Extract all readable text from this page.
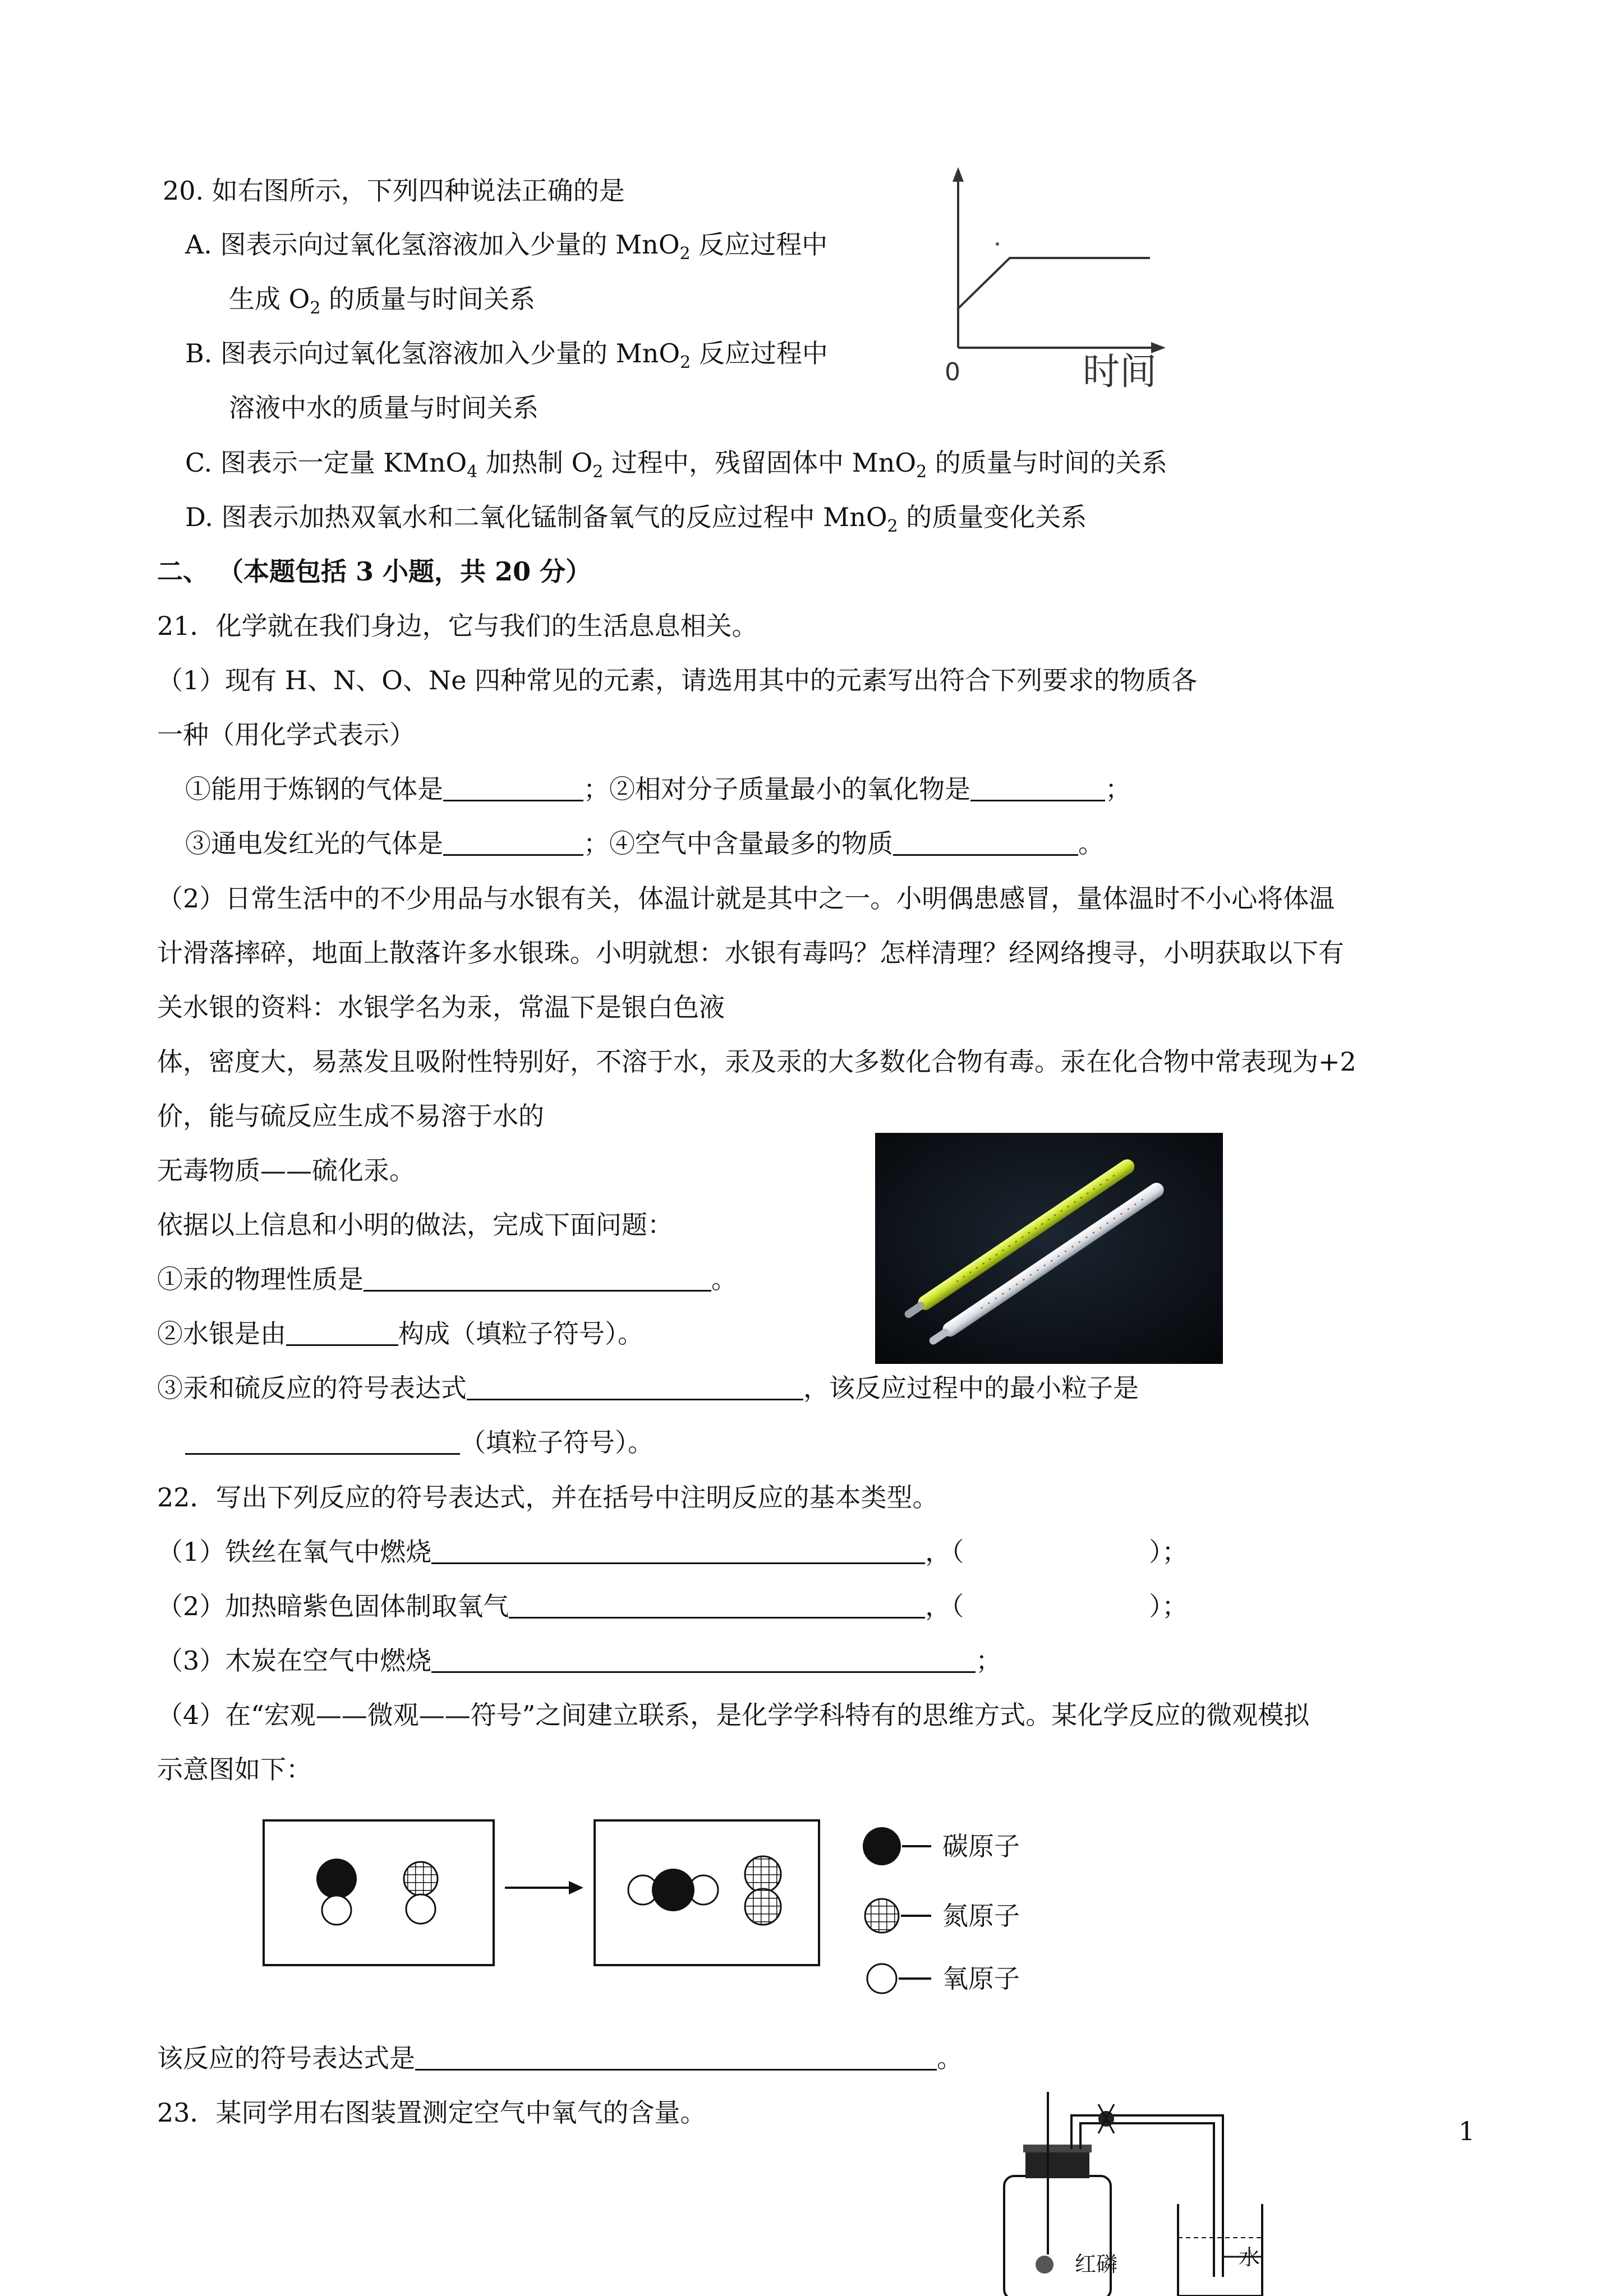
20. 如右图所示，下列四种说法正确的是
A. 图表示向过氧化氢溶液加入少量的 MnO$_2$ 反应过程中
生成 $O_2$ 的质量与时间关系
B. 图表示向过氧化氢溶液加入少量的 MnO$_2$ 反应过程中
溶液中水的质量与时间关系
C. 图表示一定量 KMnO$_4$ 加热制 $O_2$ 过程中，残留固体中 MnO$_2$ 的质量与时间的关系
D. 图表示加热双氧水和二氧化锰制备氧气的反应过程中 MnO$_2$ 的质量变化关系
0	时间
二、 （本题包括 3 小题，共 20 分）
21．化学就在我们身边，它与我们的生活息息相关。
（1）现有 H、N、O、Ne 四种常见的元素，请选用其中的元素写出符合下列要求的物质各
一种（用化学式表示）
①能用于炼钢的气体是	；②相对分子质量最小的氧化物是	；
③通电发红光的气体是	；④空气中含量最多的物质	。
（2）日常生活中的不少用品与水银有关，体温计就是其中之一。小明偶患感冒，量体温时不小心将体温
计滑落摔碎，地面上散落许多水银珠。小明就想：水银有毒吗？怎样清理？经网络搜寻，小明获取以下有
关水银的资料：水银学名为汞，常温下是银白色液
体，密度大，易蒸发且吸附性特别好，不溶于水，汞及汞的大多数化合物有毒。汞在化合物中常表现为+2
价，能与硫反应生成不易溶于水的
无毒物质——硫化汞。
依据以上信息和小明的做法，完成下面问题：
①汞的物理性质是	。
②水银是由	构成（填粒子符号）。
③汞和硫反应的符号表达式	，该反应过程中的最小粒子是
（填粒子符号）。
22．写出下列反应的符号表达式，并在括号中注明反应的基本类型。
（1）铁丝在氧气中燃烧	，（	）；
（2）加热暗紫色固体制取氧气	，（	）；
（3）木炭在空气中燃烧	；
（4）在“宏观——微观——符号”之间建立联系，是化学学科特有的思维方式。某化学反应的微观模拟
示意图如下：
碳原子
氮原子
氧原子
该反应的符号表达式是	。
23．某同学用右图装置测定空气中氧气的含量。
红磷	水
1
